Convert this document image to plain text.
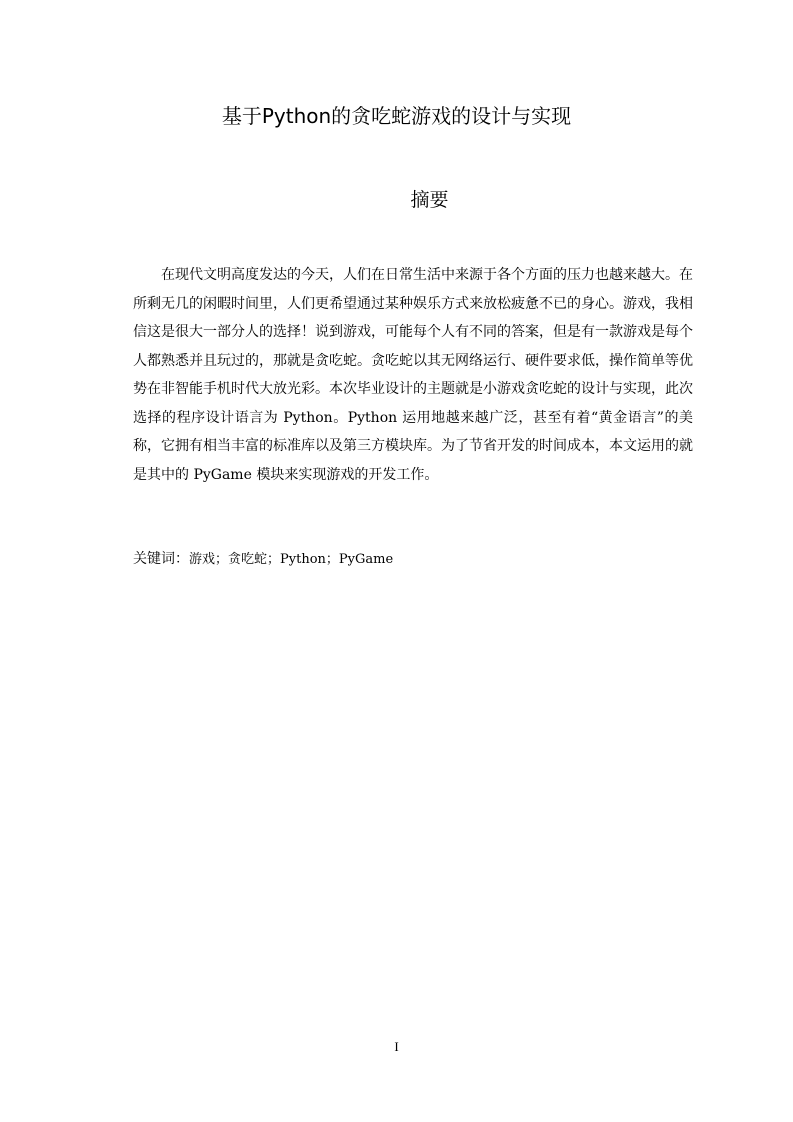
基于Python的贪吃蛇游戏的设计与实现
摘要

在现代文明高度发达的今天，人们在日常生活中来源于各个方面的压力也越来越大。在所剩无几的闲暇时间里，人们更希望通过某种娱乐方式来放松疲惫不已的身心。游戏，我相信这是很大一部分人的选择！说到游戏，可能每个人有不同的答案，但是有一款游戏是每个人都熟悉并且玩过的，那就是贪吃蛇。贪吃蛇以其无网络运行、硬件要求低，操作简单等优势在非智能手机时代大放光彩。本次毕业设计的主题就是小游戏贪吃蛇的设计与实现，此次选择的程序设计语言为 Python。Python 运用地越来越广泛，甚至有着“黄金语言”的美称，它拥有相当丰富的标准库以及第三方模块库。为了节省开发的时间成本，本文运用的就是其中的 PyGame 模块来实现游戏的开发工作。

关键词：游戏；贪吃蛇；Python；PyGame

I
